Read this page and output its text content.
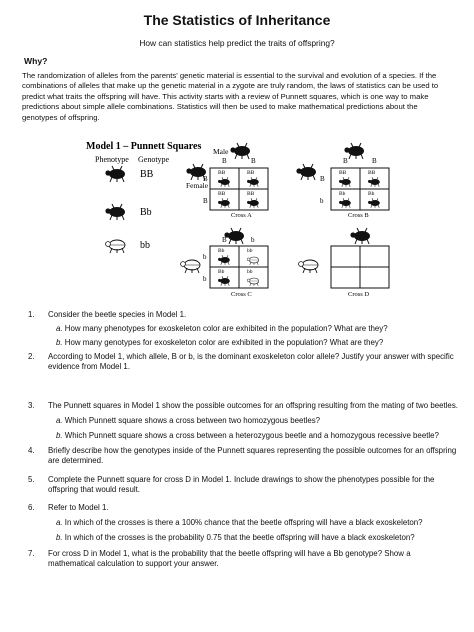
The Statistics of Inheritance
How can statistics help predict the traits of offspring?
Why?
The randomization of alleles from the parents' genetic material is essential to the survival and evolution of a species. If the combinations of alleles that make up the genetic material in a zygote are truly random, the laws of statistics can be used to predict what traits the offspring will have. This activity starts with a review of Punnett squares, which is one way to make predictions about simple allele combinations. Statistics will then be used to make mathematical predictions about the genotypes of offspring.
Model 1 – Punnett Squares
Phenotype Genotype
BB
Bb
bb
Male
Female
B	B
B
B
BB	BB
BB	BB
Cross A
B	B
B
b
BB	BB
Bb	Bb
Cross B
B	b
b
b
Bb	bb
Bb	bb
Cross C	Cross D
1. Consider the beetle species in Model 1.
a. How many phenotypes for exoskeleton color are exhibited in the population? What are they?
b. How many genotypes for exoskeleton color are exhibited in the population? What are they?
2. According to Model 1, which allele, B or b, is the dominant exoskeleton color allele? Justify your answer with specific evidence from Model 1.
3. The Punnett squares in Model 1 show the possible outcomes for an offspring resulting from the mating of two beetles.
a. Which Punnett square shows a cross between two homozygous beetles?
b. Which Punnett square shows a cross between a heterozygous beetle and a homozygous recessive beetle?
4. Briefly describe how the genotypes inside of the Punnett squares representing the possible outcomes for an offspring are determined.
5. Complete the Punnett square for cross D in Model 1. Include drawings to show the phenotypes possible for the offspring that would result.
6. Refer to Model 1.
a. In which of the crosses is there a 100% chance that the beetle offspring will have a black exoskeleton?
b. In which of the crosses is the probability 0.75 that the beetle offspring will have a black exoskeleton?
7. For cross D in Model 1, what is the probability that the beetle offspring will have a Bb genotype? Show a mathematical calculation to support your answer.
